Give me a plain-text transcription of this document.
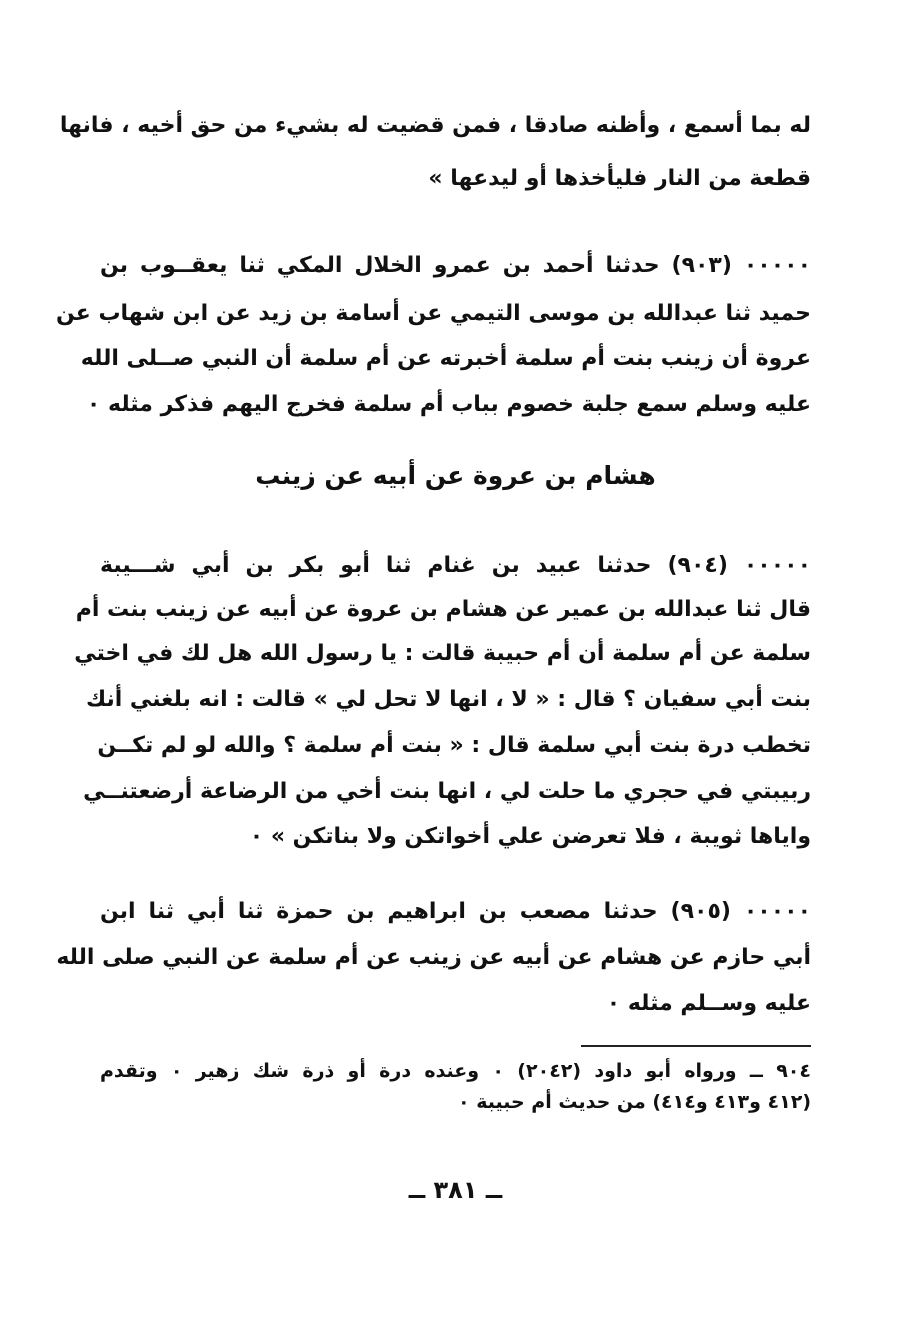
له بما أسمع ، وأظنه صادقا ، فمن قضيت له بشيء من حق أخيه ، فانها
قطعة من النار فليأخذها أو ليدعها »
٠٠٠٠٠ (٩٠٣) حدثنا أحمد بن عمرو الخلال المكي ثنا يعقــوب بن
حميد ثنا عبدالله بن موسى التيمي عن أسامة بن زيد عن ابن شهاب عن
عروة أن زينب بنت أم سلمة أخبرته عن أم سلمة أن النبي صــلى الله
عليه وسلم سمع جلبة خصوم بباب أم سلمة فخرج اليهم فذكر مثله ٠
هشام بن عروة عن أبيه عن زينب
٠٠٠٠٠ (٩٠٤) حدثنا عبيد بن غنام ثنا أبو بكر بن أبي شـــيبة
قال ثنا عبدالله بن عمير عن هشام بن عروة عن أبيه عن زينب بنت أم
سلمة عن أم سلمة أن أم حبيبة قالت : يا رسول الله هل لك في اختي
بنت أبي سفيان ؟ قال : « لا ، انها لا تحل لي » قالت : انه بلغني أنك
تخطب درة بنت أبي سلمة قال : « بنت أم سلمة ؟ والله لو لم تكــن
ربيبتي في حجري ما حلت لي ، انها بنت أخي من الرضاعة أرضعتنــي
واياها ثويبة ، فلا تعرضن علي أخواتكن ولا بناتكن » ٠
٠٠٠٠٠ (٩٠٥) حدثنا مصعب بن ابراهيم بن حمزة ثنا أبي ثنا ابن
أبي حازم عن هشام عن أبيه عن زينب عن أم سلمة عن النبي صلى الله
عليه وســلم مثله ٠
٩٠٤ ــ ورواه أبو داود (٢٠٤٢) ٠ وعنده درة أو ذرة شك زهير ٠ وتقدم
(٤١٢ و٤١٣ و٤١٤) من حديث أم حبيبة ٠
ــ ٣٨١ ــ
